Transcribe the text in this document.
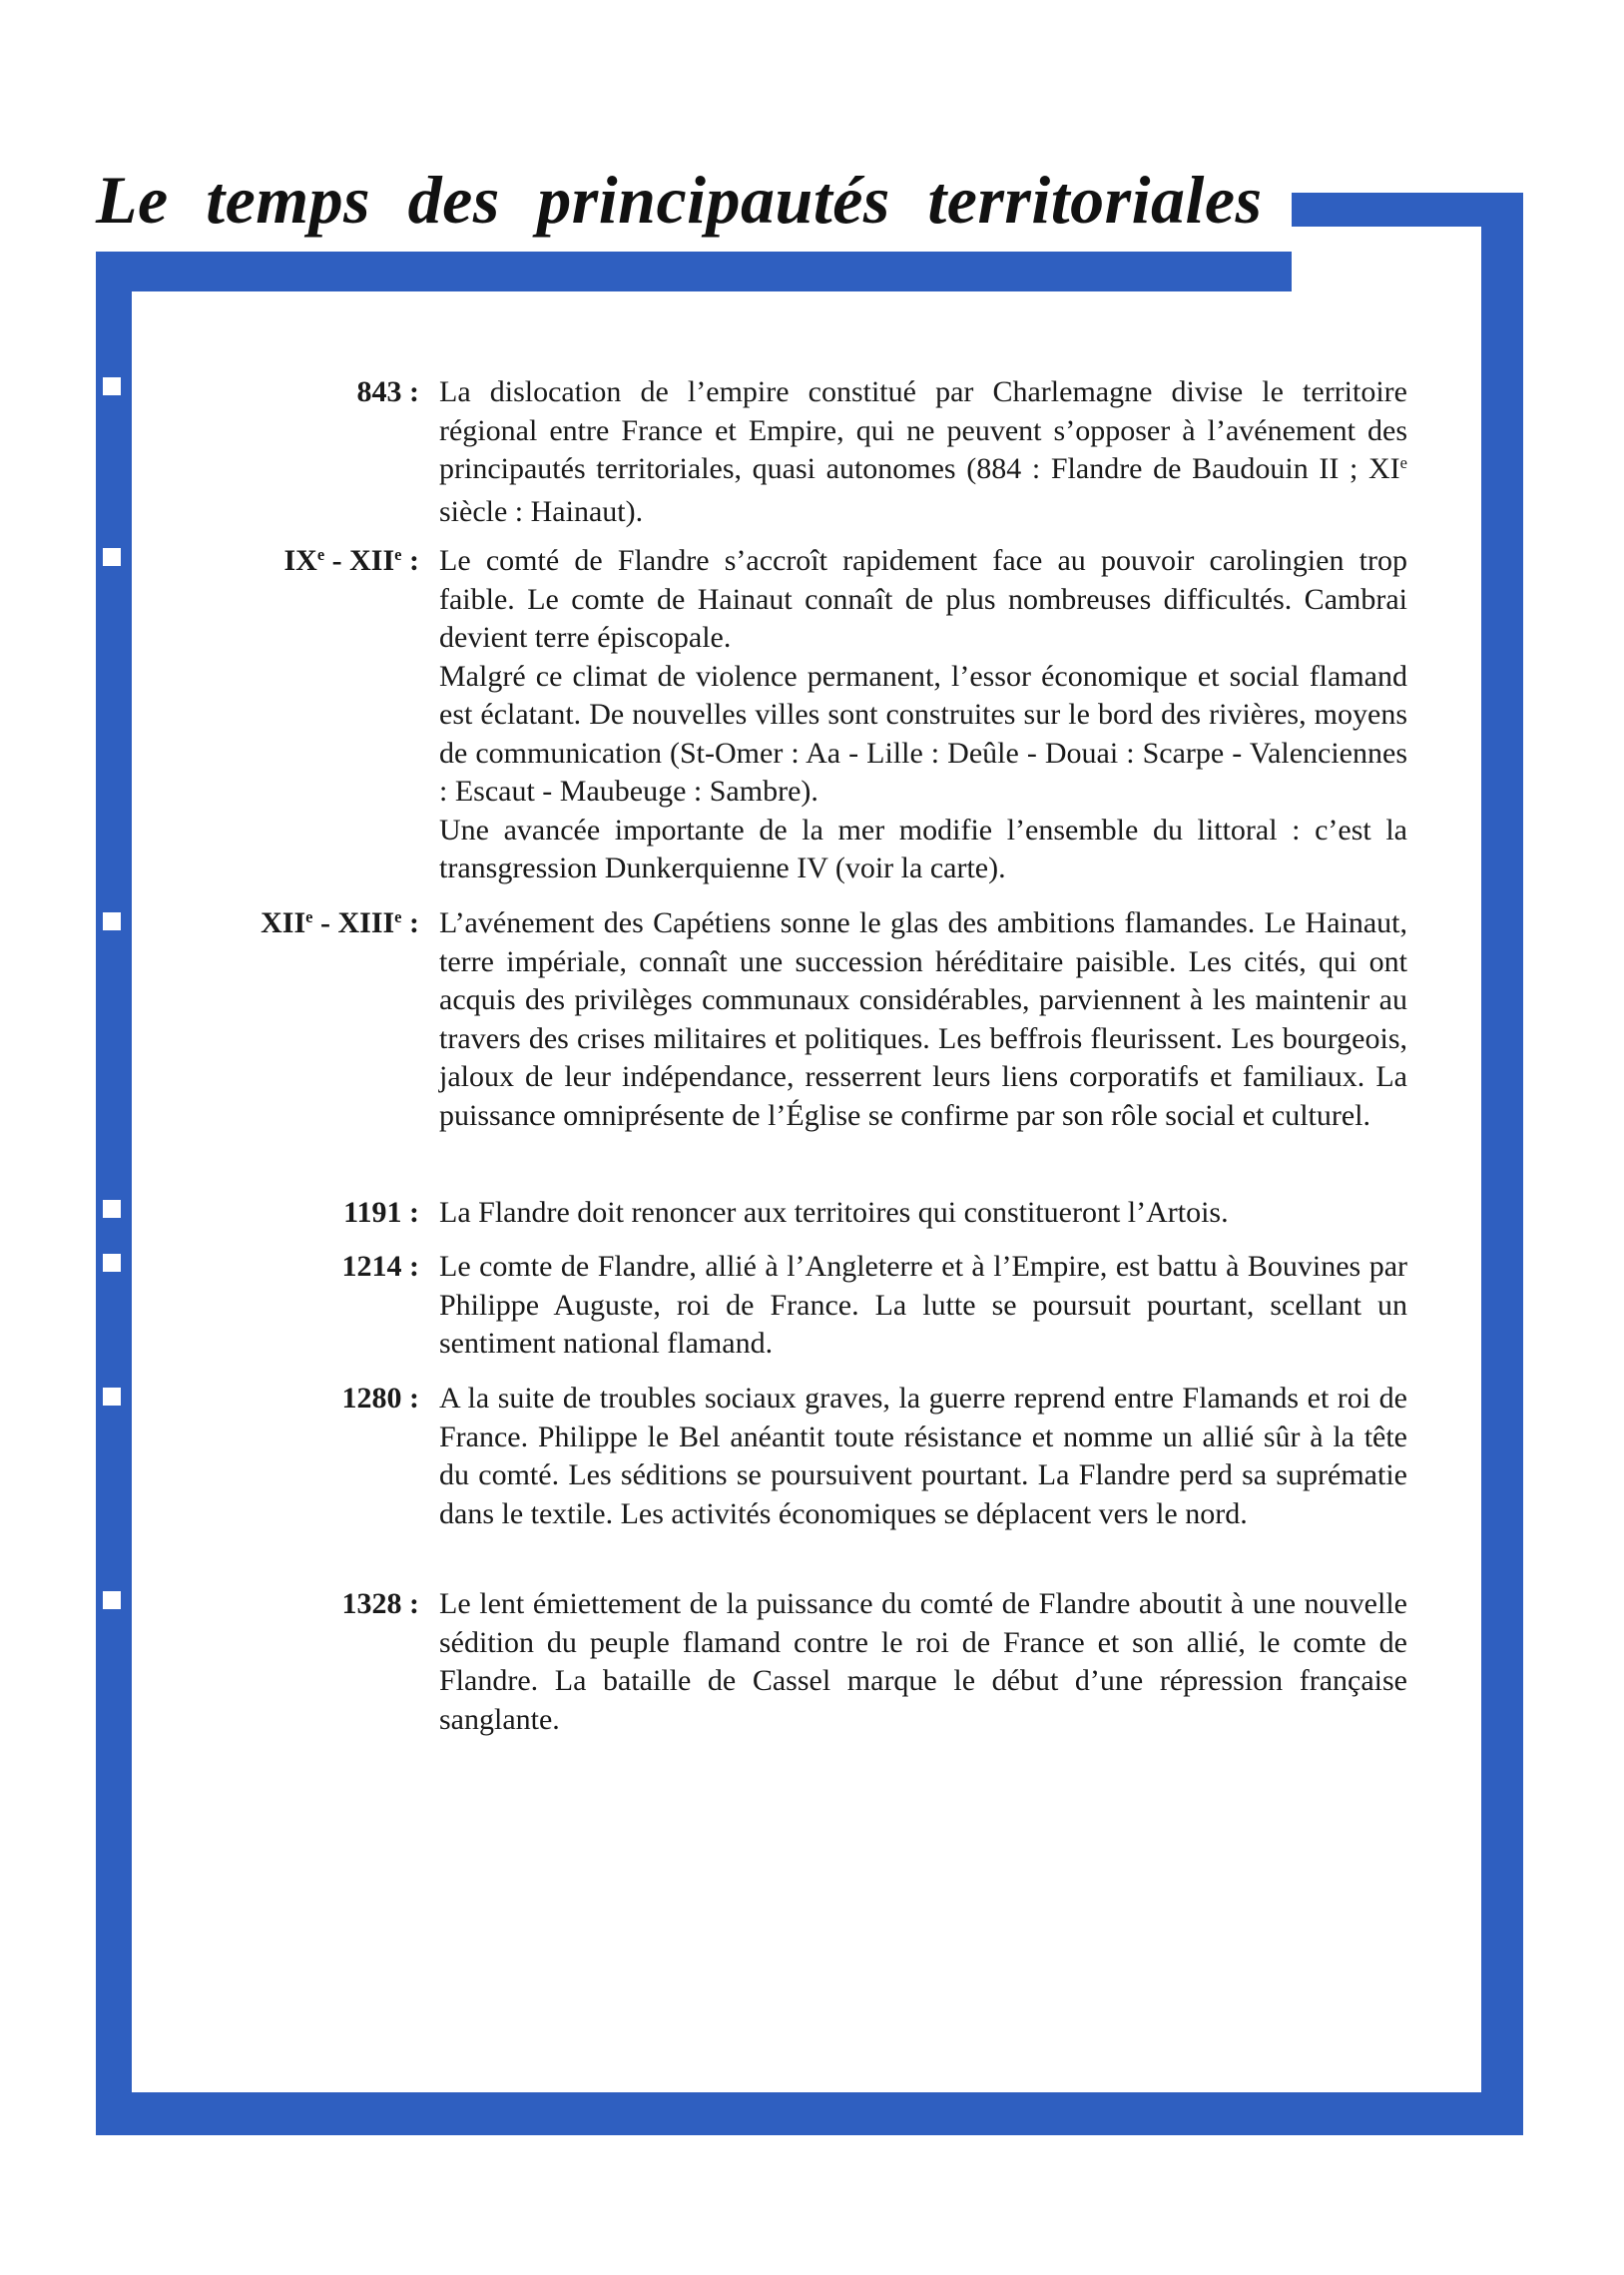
Le temps des principautés territoriales
843 : La dislocation de l’empire constitué par Charlemagne divise le territoire régional entre France et Empire, qui ne peuvent s’opposer à l’avénement des principautés territoriales, quasi autonomes (884 : Flandre de Baudouin II ; XIe siècle : Hainaut).

IXe - XIIe : Le comté de Flandre s’accroît rapidement face au pouvoir carolingien trop faible. Le comte de Hainaut connaît de plus nombreuses difficultés. Cambrai devient terre épiscopale.

Malgré ce climat de violence permanent, l’essor économique et social flamand est éclatant. De nouvelles villes sont construites sur le bord des rivières, moyens de communication (St-Omer : Aa - Lille : Deûle - Douai : Scarpe - Valenciennes : Escaut - Maubeuge : Sambre).

Une avancée importante de la mer modifie l’ensemble du littoral : c’est la transgression Dunkerquienne IV (voir la carte).

XIIe - XIIIe : L’avénement des Capétiens sonne le glas des ambitions flamandes. Le Hainaut, terre impériale, connaît une succession héréditaire paisible. Les cités, qui ont acquis des privilèges communaux considérables, parviennent à les maintenir au travers des crises militaires et politiques. Les beffrois fleurissent. Les bourgeois, jaloux de leur indépendance, resserrent leurs liens corporatifs et familiaux. La puissance omniprésente de l’Église se confirme par son rôle social et culturel.

1191 : La Flandre doit renoncer aux territoires qui constitueront l’Artois.

1214 : Le comte de Flandre, allié à l’Angleterre et à l’Empire, est battu à Bouvines par Philippe Auguste, roi de France. La lutte se poursuit pourtant, scellant un sentiment national flamand.

1280 : A la suite de troubles sociaux graves, la guerre reprend entre Flamands et roi de France. Philippe le Bel anéantit toute résistance et nomme un allié sûr à la tête du comté. Les séditions se poursuivent pourtant. La Flandre perd sa suprématie dans le textile. Les activités économiques se déplacent vers le nord.

1328 : Le lent émiettement de la puissance du comté de Flandre aboutit à une nouvelle sédition du peuple flamand contre le roi de France et son allié, le comte de Flandre. La bataille de Cassel marque le début d’une répression française sanglante.
